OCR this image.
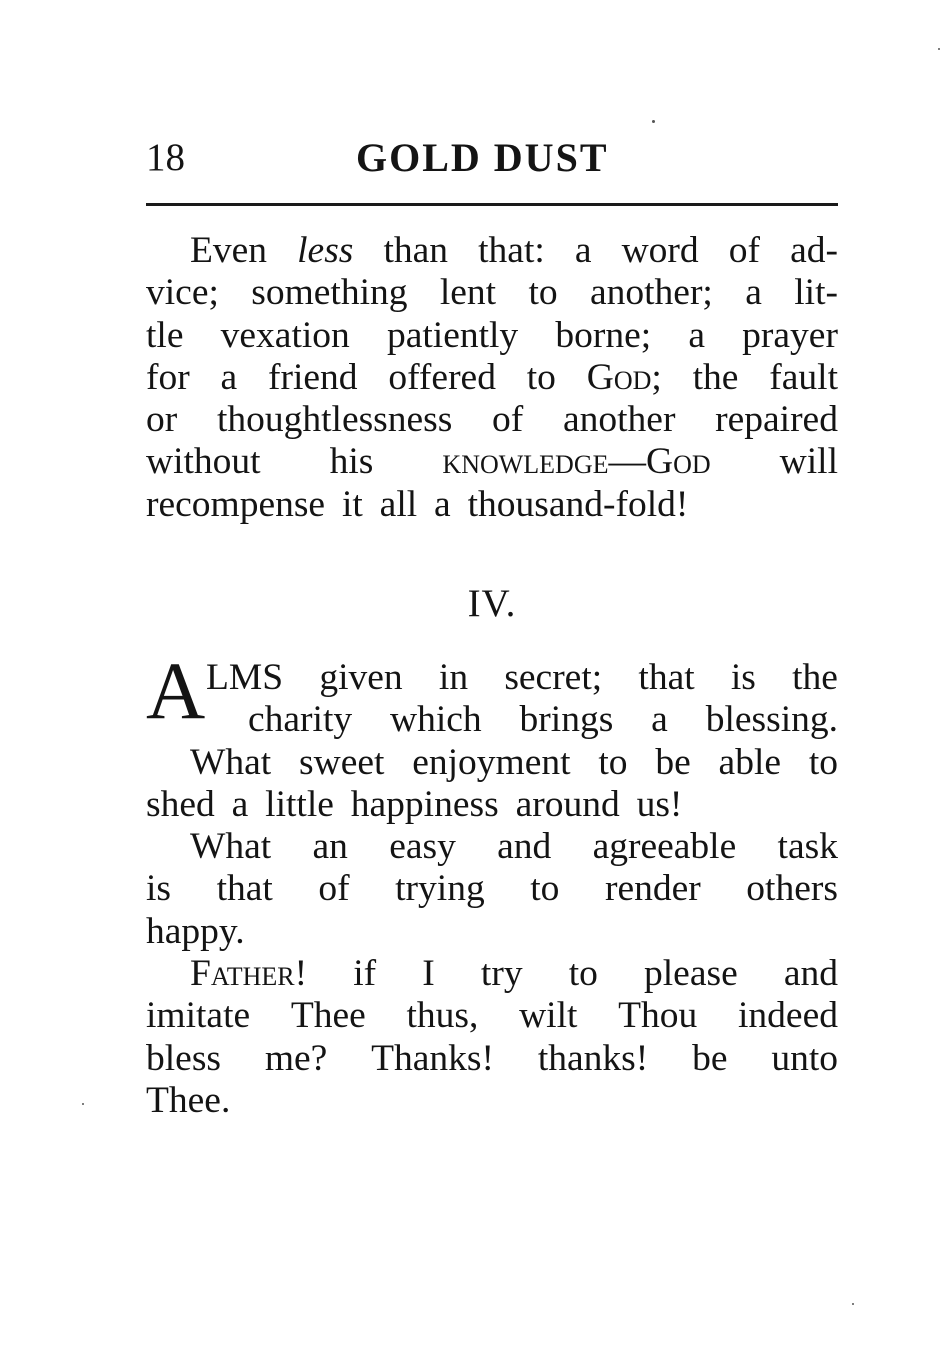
18	GOLD DUST
Even less than that: a word of ad-
vice; something lent to another; a lit-
tle vexation patiently borne; a prayer
for a friend offered to God; the fault
or thoughtlessness of another repaired
without his knowledge—God will
recompense it all a thousand-fold!
IV.
A LMS given in secret; that is the
charity which brings a blessing.
What sweet enjoyment to be able to
shed a little happiness around us!
What an easy and agreeable task
is that of trying to render others
happy.
Father! if I try to please and
imitate Thee thus, wilt Thou indeed
bless me? Thanks! thanks! be unto
Thee.
